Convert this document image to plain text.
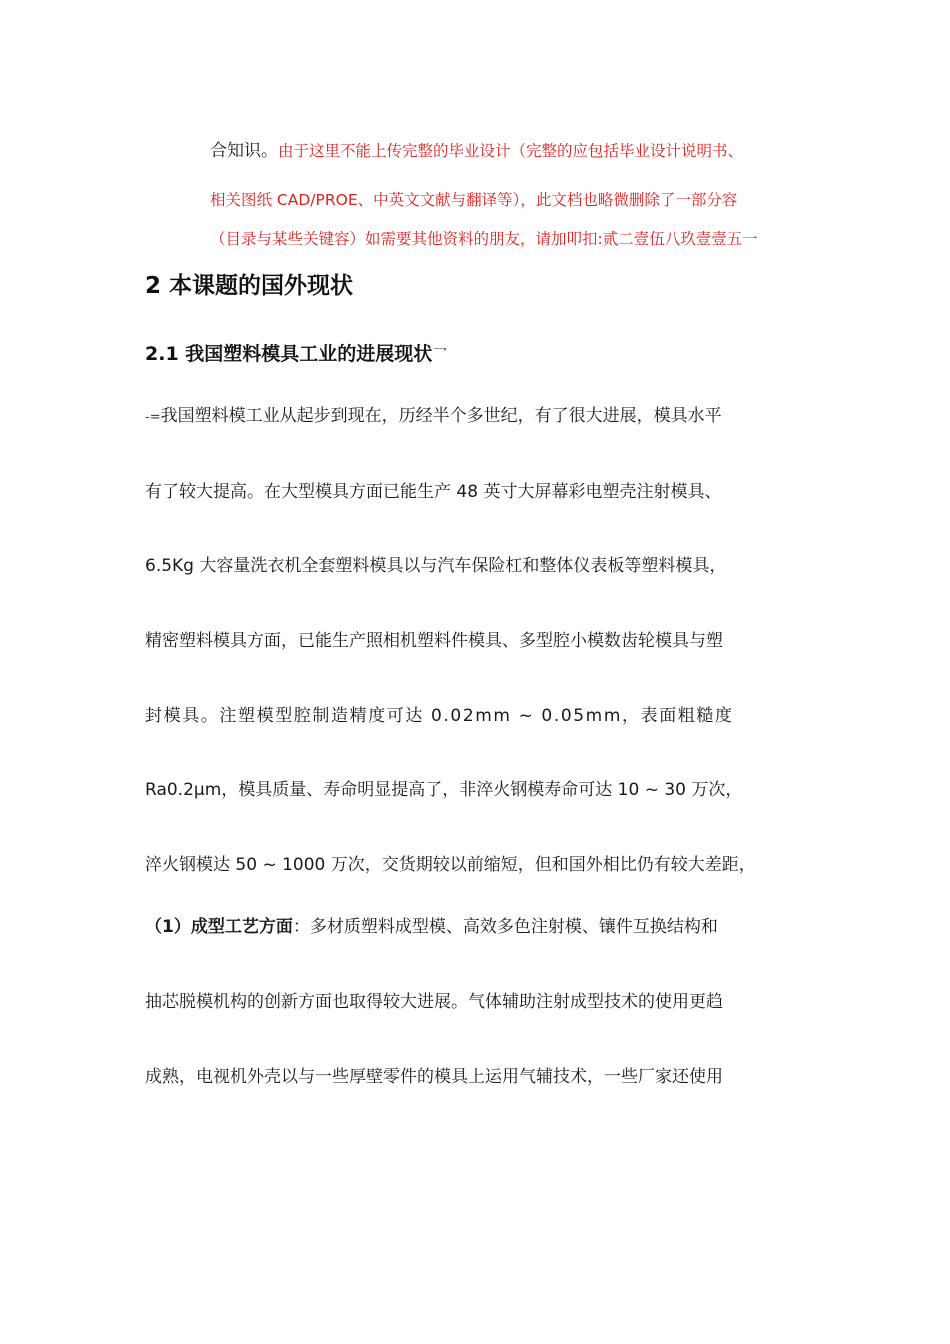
合知识。由于这里不能上传完整的毕业设计（完整的应包括毕业设计说明书、
相关图纸 CAD/PROE、中英文文献与翻译等），此文档也略微删除了一部分容
（目录与某些关键容）如需要其他资料的朋友，请加叩扣:贰二壹伍八玖壹壹五一
2 本课题的国外现状
2.1 我国塑料模具工业的进展现状乛
-=我国塑料模工业从起步到现在，历经半个多世纪，有了很大进展，模具水平
有了较大提高。在大型模具方面已能生产 48 英寸大屏幕彩电塑壳注射模具、
6.5Kg 大容量洗衣机全套塑料模具以与汽车保险杠和整体仪表板等塑料模具，
精密塑料模具方面，已能生产照相机塑料件模具、多型腔小模数齿轮模具与塑
封模具。注塑模型腔制造精度可达 0.02mm ~ 0.05mm，表面粗糙度
Ra0.2μm，模具质量、寿命明显提高了，非淬火钢模寿命可达 10 ~ 30 万次，
淬火钢模达 50 ~ 1000 万次，交货期较以前缩短，但和国外相比仍有较大差距，
（1）成型工艺方面：多材质塑料成型模、高效多色注射模、镶件互换结构和
抽芯脱模机构的创新方面也取得较大进展。气体辅助注射成型技术的使用更趋
成熟，电视机外壳以与一些厚壁零件的模具上运用气辅技术，一些厂家还使用
